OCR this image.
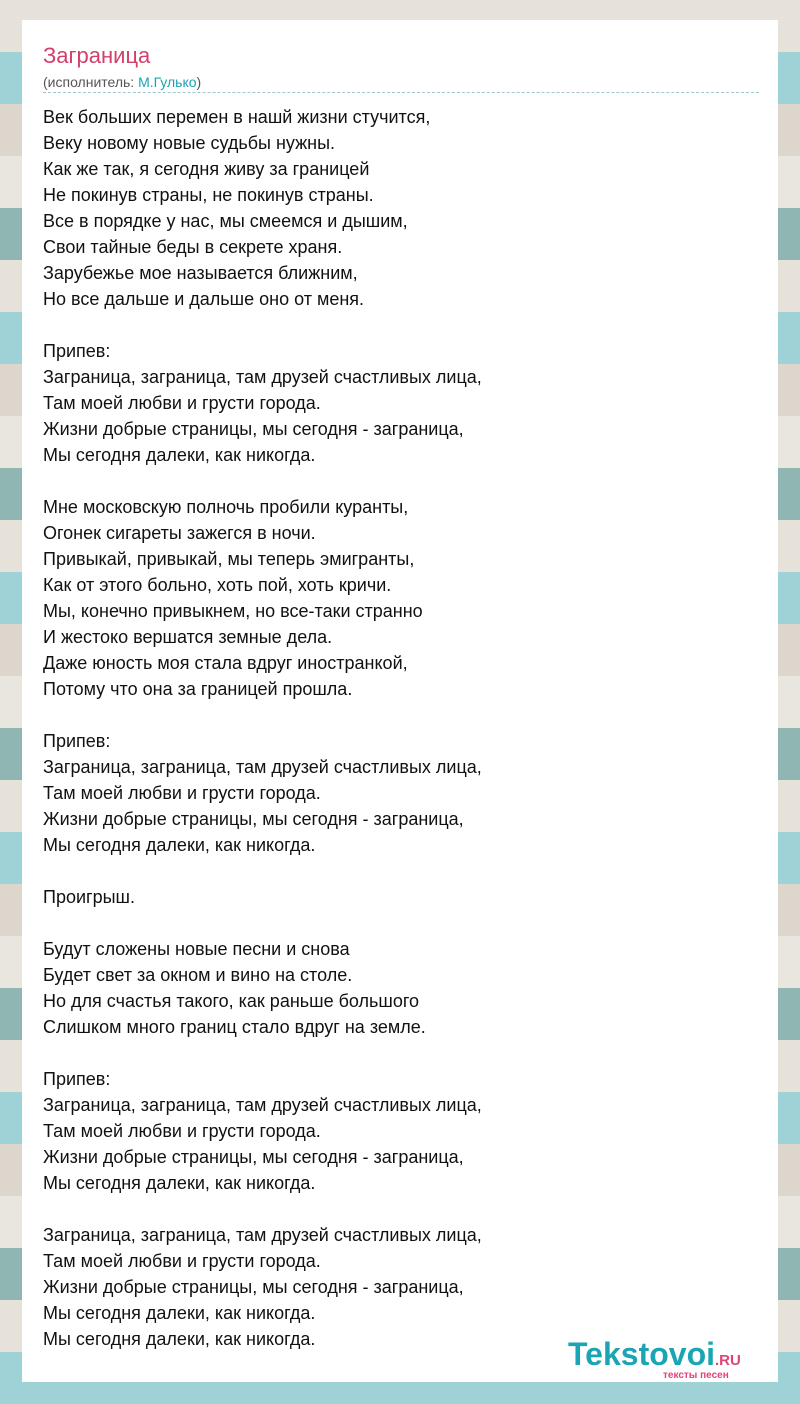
Заграница
(исполнитель: М.Гулько)
Век больших перемен в нашй жизни стучится,
Веку новому новые судьбы нужны.
Как же так, я сегодня живу за границей
Не покинув страны, не покинув страны.
Все в порядке у нас, мы смеемся и дышим,
Свои тайные беды в секрете храня.
Зарубежье мое называется ближним,
Но все дальше и дальше оно от меня.
Припев:
Заграница, заграница, там друзей счастливых лица,
Там моей любви и грусти города.
Жизни добрые страницы, мы сегодня - заграница,
Мы сегодня далеки, как никогда.
Мне московскую полночь пробили куранты,
Огонек сигареты зажегся в ночи.
Привыкай, привыкай, мы теперь эмигранты,
Как от этого больно, хоть пой, хоть кричи.
Мы, конечно привыкнем, но все-таки странно
И жестоко вершатся земные дела.
Даже юность моя стала вдруг иностранкой,
Потому что она за границей прошла.
Припев:
Заграница, заграница, там друзей счастливых лица,
Там моей любви и грусти города.
Жизни добрые страницы, мы сегодня - заграница,
Мы сегодня далеки, как никогда.
Проигрыш.
Будут сложены новые песни и снова
Будет свет за окном и вино на столе.
Но для счастья такого, как раньше большого
Слишком много границ стало вдруг на земле.
Припев:
Заграница, заграница, там друзей счастливых лица,
Там моей любви и грусти города.
Жизни добрые страницы, мы сегодня - заграница,
Мы сегодня далеки, как никогда.
Заграница, заграница, там друзей счастливых лица,
Там моей любви и грусти города.
Жизни добрые страницы, мы сегодня - заграница,
Мы сегодня далеки, как никогда.
Мы сегодня далеки, как никогда.	Tekstovoi.RU
тексты песен
